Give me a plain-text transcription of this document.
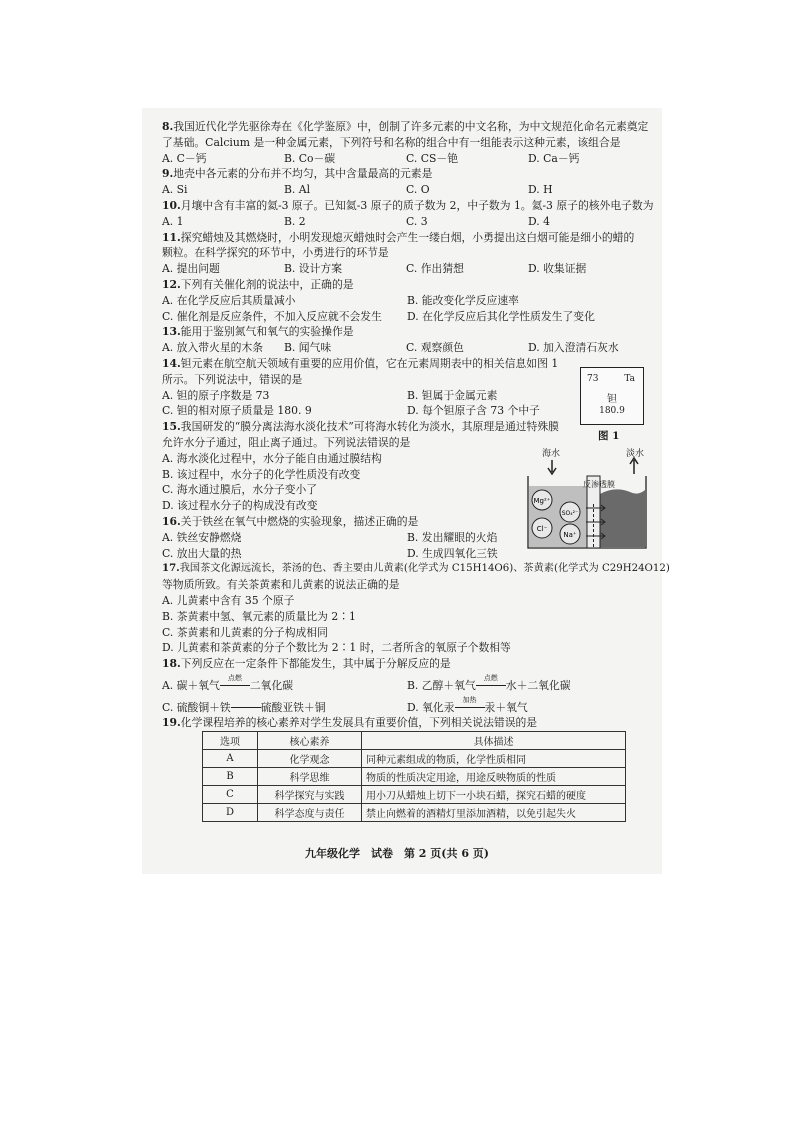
8.我国近代化学先驱徐寿在《化学鉴原》中，创制了许多元素的中文名称，为中文规范化命名元素奠定
了基础。Calcium 是一种金属元素，下列符号和名称的组合中有一组能表示这种元素，该组合是
A. C－钙	B. Co－碳	C. CS－铯	D. Ca－钙
9.地壳中各元素的分布并不均匀，其中含量最高的元素是
A. Si	B. Al	C. O	D. H
10.月壤中含有丰富的氦-3 原子。已知氦-3 原子的质子数为 2，中子数为 1。氦-3 原子的核外电子数为
A. 1	B. 2	C. 3	D. 4
11.探究蜡烛及其燃烧时，小明发现熄灭蜡烛时会产生一缕白烟，小勇提出这白烟可能是细小的蜡的
颗粒。在科学探究的环节中，小勇进行的环节是
A. 提出问题	B. 设计方案	C. 作出猜想	D. 收集证据
12.下列有关催化剂的说法中，正确的是
A. 在化学反应后其质量减小	B. 能改变化学反应速率
C. 催化剂是反应条件，不加入反应就不会发生	D. 在化学反应后其化学性质发生了变化
13.能用于鉴别氮气和氧气的实验操作是
A. 放入带火星的木条	B. 闻气味	C. 观察颜色	D. 加入澄清石灰水
14.钽元素在航空航天领域有重要的应用价值，它在元素周期表中的相关信息如图 1
所示。下列说法中，错误的是
A. 钽的原子序数是 73	B. 钽属于金属元素
C. 钽的相对原子质量是 180. 9	D. 每个钽原子含 73 个中子
15.我国研发的“膜分离法海水淡化技术”可将海水转化为淡水，其原理是通过特殊膜
允许水分子通过，阻止离子通过。下列说法错误的是
A. 海水淡化过程中，水分子能自由通过膜结构
B. 该过程中，水分子的化学性质没有改变
C. 海水通过膜后，水分子变小了
D. 该过程水分子的构成没有改变
16.关于铁丝在氧气中燃烧的实验现象，描述正确的是
A. 铁丝安静燃烧	B. 发出耀眼的火焰
C. 放出大量的热	D. 生成四氧化三铁
17.我国茶文化源远流长，茶汤的色、香主要由儿黄素(化学式为 C15H14O6)、茶黄素(化学式为 C29H24O12)
等物质所致。有关茶黄素和儿黄素的说法正确的是
A. 儿黄素中含有 35 个原子
B. 茶黄素中氢、氧元素的质量比为 2∶1
C. 茶黄素和儿黄素的分子构成相同
D. 儿黄素和茶黄素的分子个数比为 2∶1 时，二者所含的氧原子个数相等
18.下列反应在一定条件下都能发生，其中属于分解反应的是
A. 碳＋氧气
点燃
二氧化碳	B. 乙醇＋氧气
点燃
水＋二氧化碳
C. 硫酸铜＋铁	硫酸亚铁＋铜	D. 氧化汞
加热
汞＋氧气
19.化学课程培养的核心素养对学生发展具有重要价值，下列相关说法错误的是
73	Ta
钽
180.9
图 1
海水	淡水
反渗透膜
Mg²⁺
SO₄²⁻
Cl⁻
Na⁺
选项	核心素养	具体描述
A	化学观念	同种元素组成的物质，化学性质相同
B	科学思维	物质的性质决定用途，用途反映物质的性质
C	科学探究与实践	用小刀从蜡烛上切下一小块石蜡，探究石蜡的硬度
D	科学态度与责任	禁止向燃着的酒精灯里添加酒精，以免引起失火
九年级化学　试卷　第 2 页(共 6 页)
